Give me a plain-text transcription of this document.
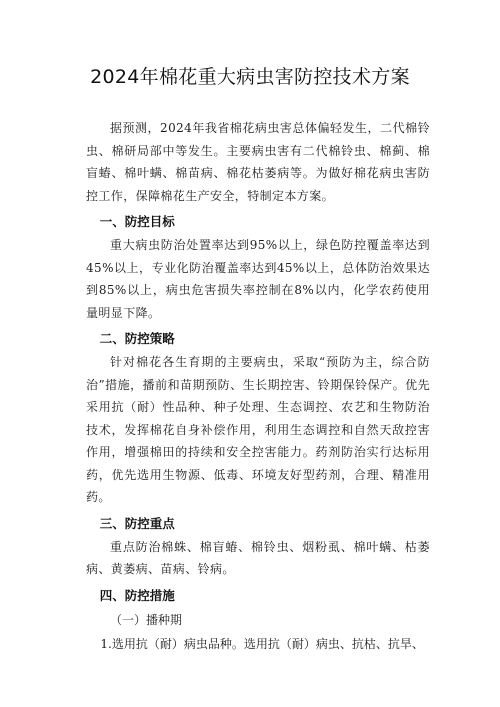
2024年棉花重大病虫害防控技术方案

据预测，2024年我省棉花病虫害总体偏轻发生，二代棉铃虫、棉研局部中等发生。主要病虫害有二代棉铃虫、棉蓟、棉盲蝽、棉叶螨、棉苗病、棉花枯萎病等。为做好棉花病虫害防控工作，保障棉花生产安全，特制定本方案。

一、防控目标

重大病虫防治处置率达到95%以上，绿色防控覆盖率达到45%以上，专业化防治覆盖率达到45%以上，总体防治效果达到85%以上，病虫危害损失率控制在8%以内，化学农药使用量明显下降。

二、防控策略

针对棉花各生育期的主要病虫，采取“预防为主，综合防治”措施，播前和苗期预防、生长期控害、铃期保铃保产。优先采用抗（耐）性品种、种子处理、生态调控、农艺和生物防治技术，发挥棉花自身补偿作用，利用生态调控和自然天敌控害作用，增强棉田的持续和安全控害能力。药剂防治实行达标用药，优先选用生物源、低毒、环境友好型药剂，合理、精准用药。

三、防控重点

重点防治棉蛛、棉盲蝽、棉铃虫、烟粉虱、棉叶螨、枯萎病、黄萎病、苗病、铃病。

四、防控措施

（一）播种期

1.选用抗（耐）病虫品种。选用抗（耐）病虫、抗枯、抗旱、
